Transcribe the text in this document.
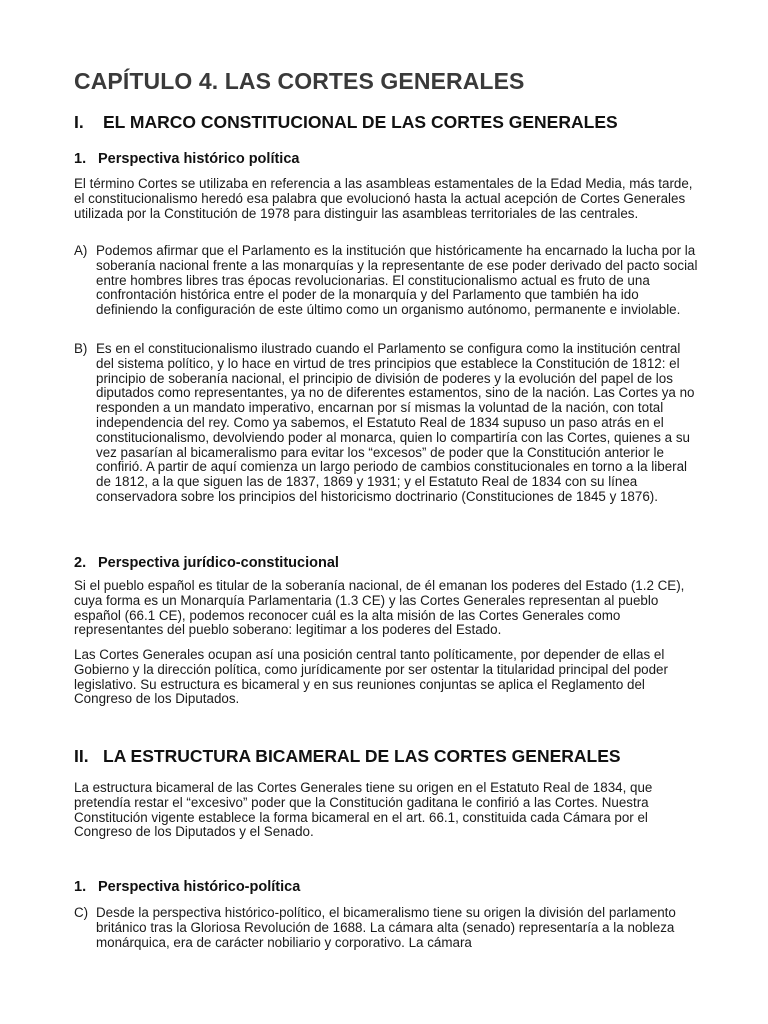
CAPÍTULO 4. LAS CORTES GENERALES
I. EL MARCO CONSTITUCIONAL DE LAS CORTES GENERALES
1. Perspectiva histórico política

El término Cortes se utilizaba en referencia a las asambleas estamentales de la Edad Media, más tarde, el constitucionalismo heredó esa palabra que evolucionó hasta la actual acepción de Cortes Generales utilizada por la Constitución de 1978 para distinguir las asambleas territoriales de las centrales.

A) Podemos afirmar que el Parlamento es la institución que históricamente ha encarnado la lucha por la soberanía nacional frente a las monarquías y la representante de ese poder derivado del pacto social entre hombres libres tras épocas revolucionarias. El constitucionalismo actual es fruto de una confrontación histórica entre el poder de la monarquía y del Parlamento que también ha ido definiendo la configuración de este último como un organismo autónomo, permanente e inviolable.
B) Es en el constitucionalismo ilustrado cuando el Parlamento se configura como la institución central del sistema político, y lo hace en virtud de tres principios que establece la Constitución de 1812: el principio de soberanía nacional, el principio de división de poderes y la evolución del papel de los diputados como representantes, ya no de diferentes estamentos, sino de la nación. Las Cortes ya no responden a un mandato imperativo, encarnan por sí mismas la voluntad de la nación, con total independencia del rey. Como ya sabemos, el Estatuto Real de 1834 supuso un paso atrás en el constitucionalismo, devolviendo poder al monarca, quien lo compartiría con las Cortes, quienes a su vez pasarían al bicameralismo para evitar los “excesos” de poder que la Constitución anterior le confirió. A partir de aquí comienza un largo periodo de cambios constitucionales en torno a la liberal de 1812, a la que siguen las de 1837, 1869 y 1931; y el Estatuto Real de 1834 con su línea conservadora sobre los principios del historicismo doctrinario (Constituciones de 1845 y 1876).
2. Perspectiva jurídico-constitucional

Si el pueblo español es titular de la soberanía nacional, de él emanan los poderes del Estado (1.2 CE), cuya forma es un Monarquía Parlamentaria (1.3 CE) y las Cortes Generales representan al pueblo español (66.1 CE), podemos reconocer cuál es la alta misión de las Cortes Generales como representantes del pueblo soberano: legitimar a los poderes del Estado.

Las Cortes Generales ocupan así una posición central tanto políticamente, por depender de ellas el Gobierno y la dirección política, como jurídicamente por ser ostentar la titularidad principal del poder legislativo. Su estructura es bicameral y en sus reuniones conjuntas se aplica el Reglamento del Congreso de los Diputados.

II. LA ESTRUCTURA BICAMERAL DE LAS CORTES GENERALES

La estructura bicameral de las Cortes Generales tiene su origen en el Estatuto Real de 1834, que pretendía restar el “excesivo” poder que la Constitución gaditana le confirió a las Cortes. Nuestra Constitución vigente establece la forma bicameral en el art. 66.1, constituida cada Cámara por el Congreso de los Diputados y el Senado.

1. Perspectiva histórico-política
C) Desde la perspectiva histórico-político, el bicameralismo tiene su origen la división del parlamento británico tras la Gloriosa Revolución de 1688. La cámara alta (senado) representaría a la nobleza monárquica, era de carácter nobiliario y corporativo. La cámara
